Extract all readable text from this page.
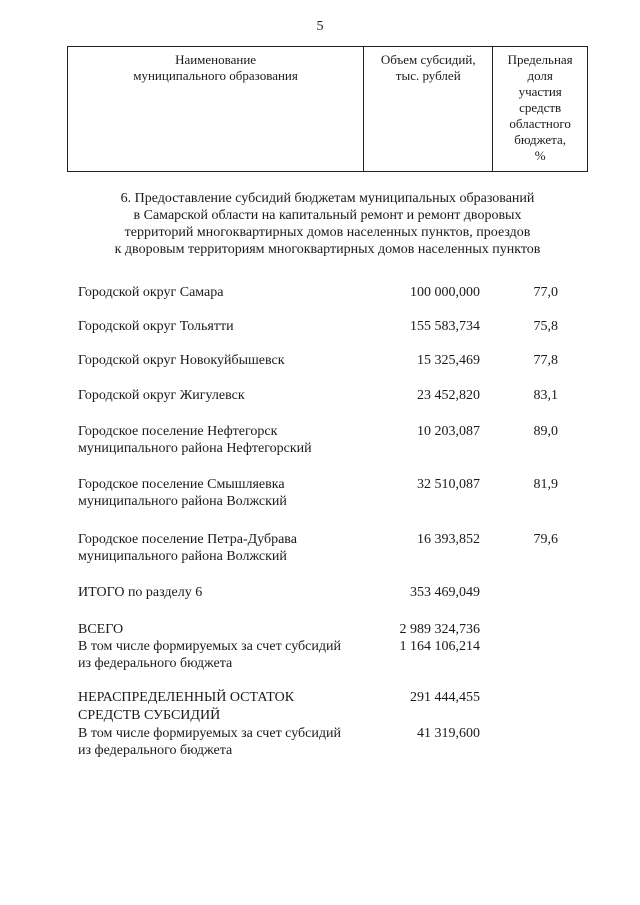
5
Наименование
муниципального образования

Объем субсидий,
тыс. рублей

Предельная
доля
участия
средств
областного
бюджета,
%
6. Предоставление субсидий бюджетам муниципальных образований
в Самарской области на капитальный ремонт и ремонт дворовых
территорий многоквартирных домов населенных пунктов, проездов
к дворовым территориям многоквартирных домов населенных пунктов
Городской округ Самара	100 000,000	77,0
Городской округ Тольятти	155 583,734	75,8
Городской округ Новокуйбышевск	15 325,469	77,8
Городской округ Жигулевск	23 452,820	83,1
Городское поселение Нефтегорск
муниципального района Нефтегорский
10 203,087	89,0
Городское поселение Смышляевка
муниципального района Волжский
32 510,087	81,9
Городское поселение Петра-Дубрава
муниципального района Волжский
16 393,852	79,6
ИТОГО по разделу 6	353 469,049
ВСЕГО	2 989 324,736
В том числе формируемых за счет субсидий
из федерального бюджета
1 164 106,214
НЕРАСПРЕДЕЛЕННЫЙ ОСТАТОК
СРЕДСТВ СУБСИДИЙ
291 444,455
В том числе формируемых за счет субсидий
из федерального бюджета
41 319,600
